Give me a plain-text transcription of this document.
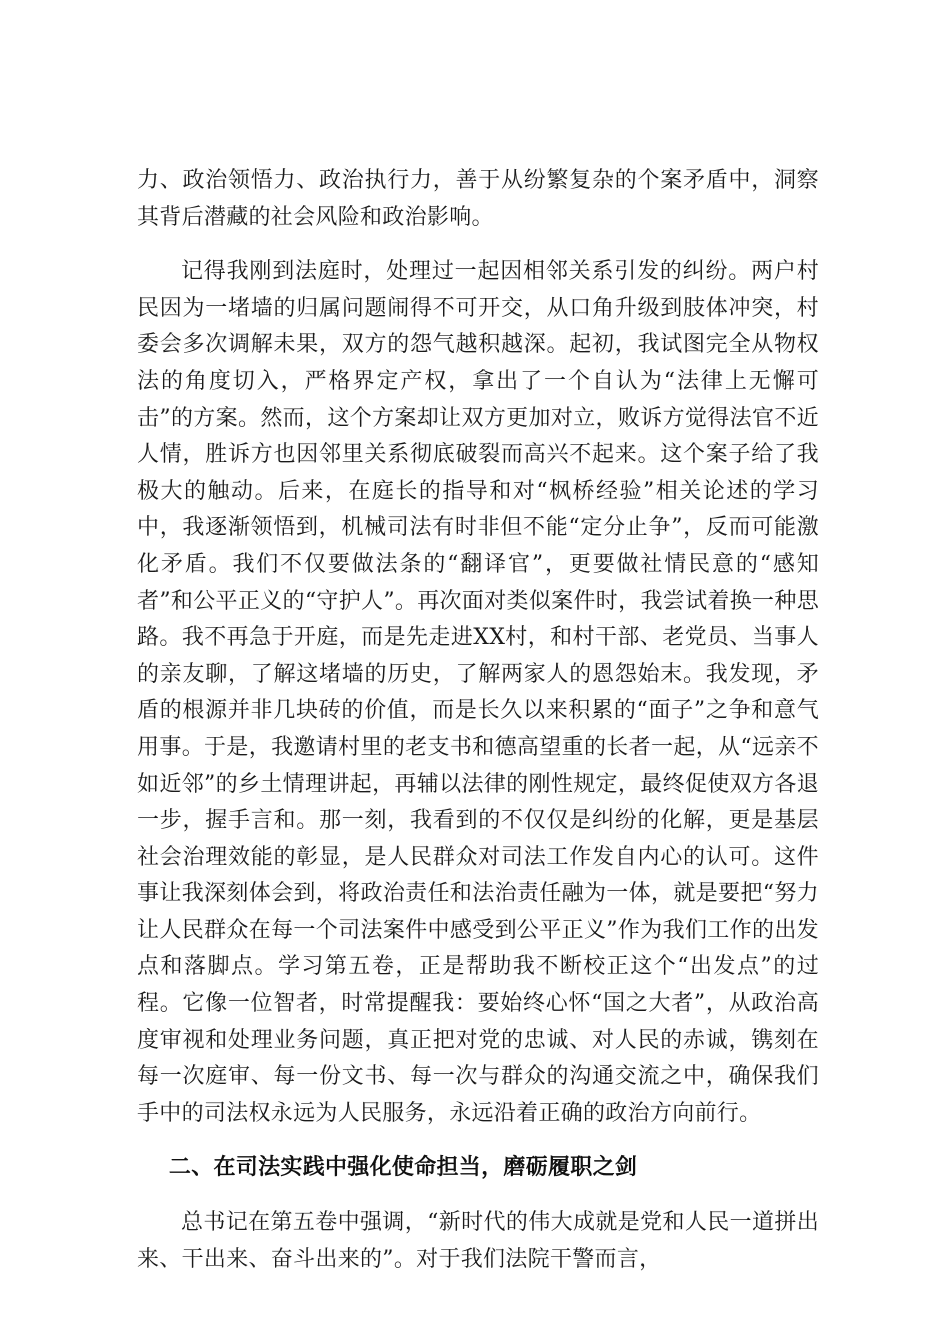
力、政治领悟力、政治执行力，善于从纷繁复杂的个案矛盾中，洞察其背后潜藏的社会风险和政治影响。

记得我刚到法庭时，处理过一起因相邻关系引发的纠纷。两户村民因为一堵墙的归属问题闹得不可开交，从口角升级到肢体冲突，村委会多次调解未果，双方的怨气越积越深。起初，我试图完全从物权法的角度切入，严格界定产权，拿出了一个自认为“法律上无懈可击”的方案。然而，这个方案却让双方更加对立，败诉方觉得法官不近人情，胜诉方也因邻里关系彻底破裂而高兴不起来。这个案子给了我极大的触动。后来，在庭长的指导和对“枫桥经验”相关论述的学习中，我逐渐领悟到，机械司法有时非但不能“定分止争”，反而可能激化矛盾。我们不仅要做法条的“翻译官”，更要做社情民意的“感知者”和公平正义的“守护人”。再次面对类似案件时，我尝试着换一种思路。我不再急于开庭，而是先走进XX村，和村干部、老党员、当事人的亲友聊，了解这堵墙的历史，了解两家人的恩怨始末。我发现，矛盾的根源并非几块砖的价值，而是长久以来积累的“面子”之争和意气用事。于是，我邀请村里的老支书和德高望重的长者一起，从“远亲不如近邻”的乡土情理讲起，再辅以法律的刚性规定，最终促使双方各退一步，握手言和。那一刻，我看到的不仅仅是纠纷的化解，更是基层社会治理效能的彰显，是人民群众对司法工作发自内心的认可。这件事让我深刻体会到，将政治责任和法治责任融为一体，就是要把“努力让人民群众在每一个司法案件中感受到公平正义”作为我们工作的出发点和落脚点。学习第五卷，正是帮助我不断校正这个“出发点”的过程。它像一位智者，时常提醒我：要始终心怀“国之大者”，从政治高度审视和处理业务问题，真正把对党的忠诚、对人民的赤诚，镌刻在每一次庭审、每一份文书、每一次与群众的沟通交流之中，确保我们手中的司法权永远为人民服务，永远沿着正确的政治方向前行。

二、在司法实践中强化使命担当，磨砺履职之剑

总书记在第五卷中强调，“新时代的伟大成就是党和人民一道拼出来、干出来、奋斗出来的”。对于我们法院干警而言，
